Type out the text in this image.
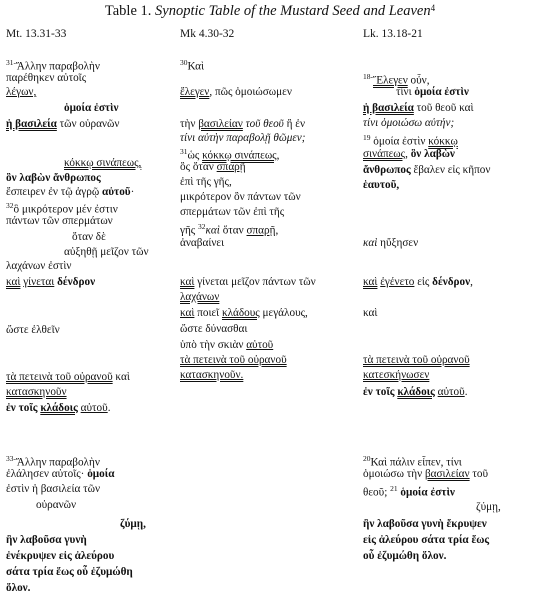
Table 1. Synoptic Table of the Mustard Seed and Leaven$^4$
Mt. 13.31-33	Mk 4.30-32	Lk. 13.18-21
$^{31-}$Ἄλλην παραβολὴν
παρέθηκεν αὐτοῖς
λέγων,
ὁμοία ἐστὶν
ἡ βασιλεία τῶν οὐρανῶν
κόκκῳ σινάπεως,
ὃν λαβὼν ἄνθρωπος
ἔσπειρεν ἐν τῷ ἀγρῷ αὐτοῦ·
$^{32}$ὃ μικρότερον μέν ἐστιν
πάντων τῶν σπερμάτων
ὅταν δὲ
αὐξηθῇ μεῖζον τῶν
λαχάνων ἐστὶν
καὶ γίνεται δένδρον
ὥστε ἐλθεῖν
τὰ πετεινὰ τοῦ οὐρανοῦ καὶ
κατασκηνοῦν
ἐν τοῖς κλάδοις αὐτοῦ.
$^{33-}$Ἄλλην παραβολὴν
ἐλάλησεν αὐτοῖς· ὁμοία
ἐστὶν ἡ βασιλεία τῶν
οὐρανῶν
ζύμῃ,
ἣν λαβοῦσα γυνὴ
ἐνέκρυψεν εἰς ἀλεύρου
σάτα τρία ἕως οὗ ἐζυμώθη
ὅλον.
$^{30}$Καὶ
ἔλεγεν, πῶς ὁμοιώσωμεν
τὴν βασιλείαν τοῦ θεοῦ ἢ ἐν
τίνι αὐτὴν παραβολῇ θῶμεν;
$^{31}$ὡς κόκκῳ σινάπεως,
ὃς ὅταν σπαρῇ
ἐπὶ τῆς γῆς,
μικρότερον ὂν πάντων τῶν
σπερμάτων τῶν ἐπὶ τῆς
γῆς $^{32}$καὶ ὅταν σπαρῇ,
ἀναβαίνει
καὶ γίνεται μεῖζον πάντων τῶν
λαχάνων
καὶ ποιεῖ κλάδους μεγάλους,
ὥστε δύνασθαι
ὑπὸ τὴν σκιὰν αὐτοῦ
τὰ πετεινὰ τοῦ οὐρανοῦ
κατασκηνοῦν.
$^{18-}$Ἔλεγεν οὖν,
τίνι ὁμοία ἐστὶν
ἡ βασιλεία τοῦ θεοῦ καὶ
τίνι ὁμοιώσω αὐτήν;
$^{19}$ ὁμοία ἐστὶν κόκκῳ
σινάπεως, ὃν λαβὼν
ἄνθρωπος ἔβαλεν εἰς κῆπον
ἑαυτοῦ,
καὶ ηὔξησεν
καὶ ἐγένετο εἰς δένδρον,
καὶ
τὰ πετεινὰ τοῦ οὐρανοῦ
κατεσκήνωσεν
ἐν τοῖς κλάδοις αὐτοῦ.
$^{20}$Καὶ πάλιν εἶπεν, τίνι
ὁμοιώσω τὴν βασιλείαν τοῦ
θεοῦ; $^{21}$ ὁμοία ἐστὶν
ζύμῃ,
ἣν λαβοῦσα γυνὴ ἔκρυψεν
εἰς ἀλεύρου σάτα τρία ἕως
οὗ ἐζυμώθη ὅλον.
